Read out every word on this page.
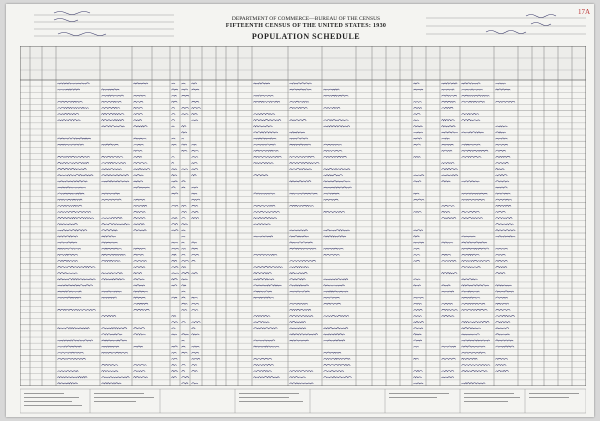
17A
DEPARTMENT OF COMMERCE—BUREAU OF THE CENSUS
FIFTEENTH CENSUS OF THE UNITED STATES: 1930
POPULATION SCHEDULE
